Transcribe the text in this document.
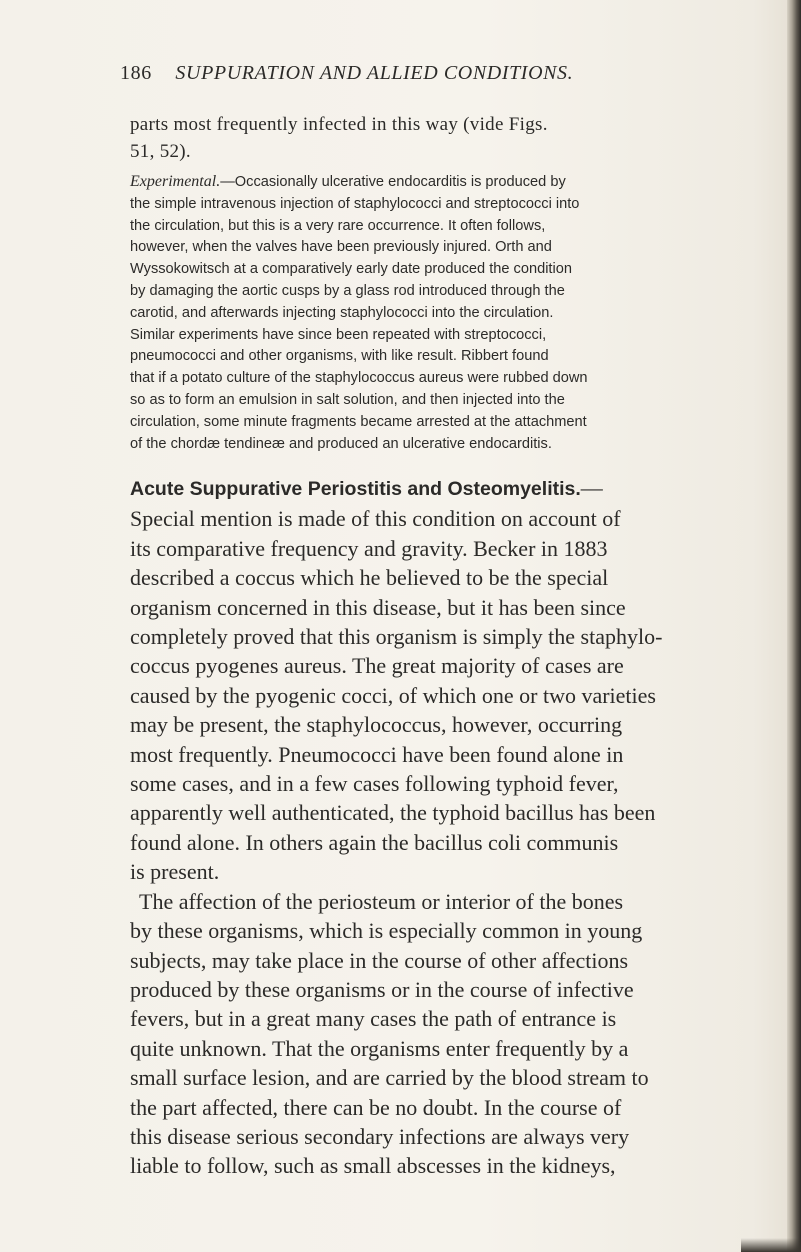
186 SUPPURATION AND ALLIED CONDITIONS.

parts most frequently infected in this way (vide Figs.
51, 52).

Experimental.—Occasionally ulcerative endocarditis is produced by
the simple intravenous injection of staphylococci and streptococci into
the circulation, but this is a very rare occurrence. It often follows,
however, when the valves have been previously injured. Orth and
Wyssokowitsch at a comparatively early date produced the condition
by damaging the aortic cusps by a glass rod introduced through the
carotid, and afterwards injecting staphylococci into the circulation.
Similar experiments have since been repeated with streptococci,
pneumococci and other organisms, with like result. Ribbert found
that if a potato culture of the staphylococcus aureus were rubbed down
so as to form an emulsion in salt solution, and then injected into the
circulation, some minute fragments became arrested at the attachment
of the chordæ tendineæ and produced an ulcerative endocarditis.

Acute Suppurative Periostitis and Osteomyelitis.—
Special mention is made of this condition on account of
its comparative frequency and gravity. Becker in 1883
described a coccus which he believed to be the special
organism concerned in this disease, but it has been since
completely proved that this organism is simply the staphylo-
coccus pyogenes aureus. The great majority of cases are
caused by the pyogenic cocci, of which one or two varieties
may be present, the staphylococcus, however, occurring
most frequently. Pneumococci have been found alone in
some cases, and in a few cases following typhoid fever,
apparently well authenticated, the typhoid bacillus has been
found alone. In others again the bacillus coli communis
is present.
The affection of the periosteum or interior of the bones
by these organisms, which is especially common in young
subjects, may take place in the course of other affections
produced by these organisms or in the course of infective
fevers, but in a great many cases the path of entrance is
quite unknown. That the organisms enter frequently by a
small surface lesion, and are carried by the blood stream to
the part affected, there can be no doubt. In the course of
this disease serious secondary infections are always very
liable to follow, such as small abscesses in the kidneys,
